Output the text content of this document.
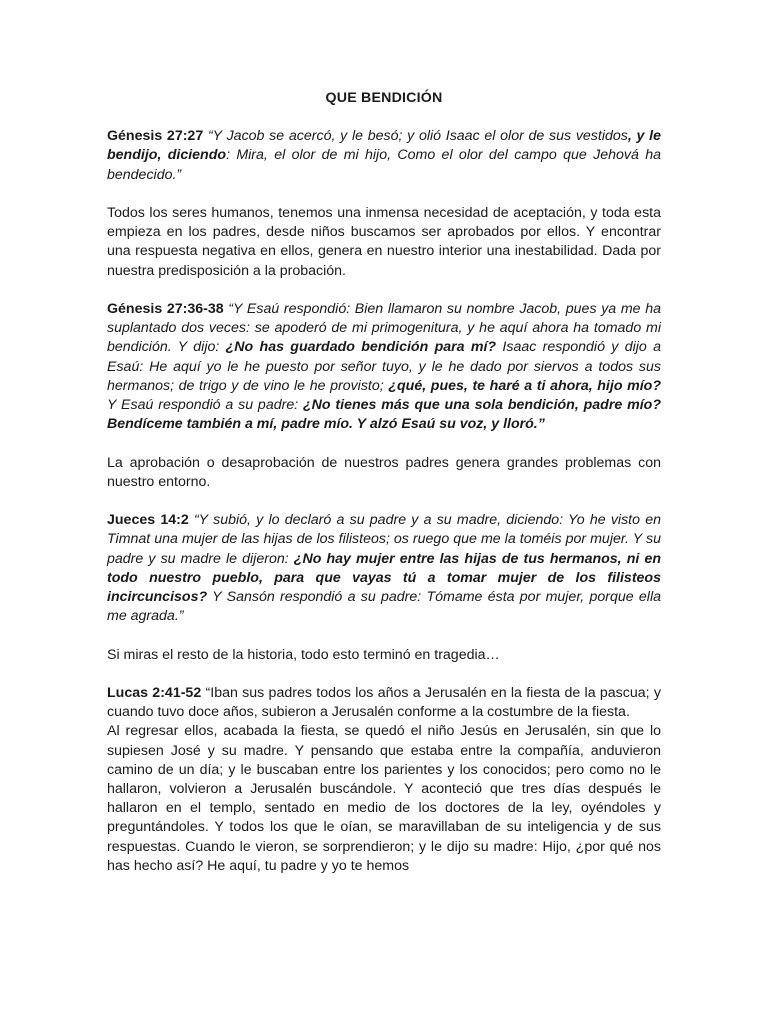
QUE BENDICIÓN

Génesis 27:27 “Y Jacob se acercó, y le besó; y olió Isaac el olor de sus vestidos, y le bendijo, diciendo: Mira, el olor de mi hijo, Como el olor del campo que Jehová ha bendecido.”

Todos los seres humanos, tenemos una inmensa necesidad de aceptación, y toda esta empieza en los padres, desde niños buscamos ser aprobados por ellos. Y encontrar una respuesta negativa en ellos, genera en nuestro interior una inestabilidad. Dada por nuestra predisposición a la probación.

Génesis 27:36-38 “Y Esaú respondió: Bien llamaron su nombre Jacob, pues ya me ha suplantado dos veces: se apoderó de mi primogenitura, y he aquí ahora ha tomado mi bendición. Y dijo: ¿No has guardado bendición para mí? Isaac respondió y dijo a Esaú: He aquí yo le he puesto por señor tuyo, y le he dado por siervos a todos sus hermanos; de trigo y de vino le he provisto; ¿qué, pues, te haré a ti ahora, hijo mío? Y Esaú respondió a su padre: ¿No tienes más que una sola bendición, padre mío? Bendíceme también a mí, padre mío. Y alzó Esaú su voz, y lloró.”

La aprobación o desaprobación de nuestros padres genera grandes problemas con nuestro entorno.

Jueces 14:2 “Y subió, y lo declaró a su padre y a su madre, diciendo: Yo he visto en Timnat una mujer de las hijas de los filisteos; os ruego que me la toméis por mujer. Y su padre y su madre le dijeron: ¿No hay mujer entre las hijas de tus hermanos, ni en todo nuestro pueblo, para que vayas tú a tomar mujer de los filisteos incircuncisos? Y Sansón respondió a su padre: Tómame ésta por mujer, porque ella me agrada.”

Si miras el resto de la historia, todo esto terminó en tragedia…

Lucas 2:41-52 “Iban sus padres todos los años a Jerusalén en la fiesta de la pascua; y cuando tuvo doce años, subieron a Jerusalén conforme a la costumbre de la fiesta.

Al regresar ellos, acabada la fiesta, se quedó el niño Jesús en Jerusalén, sin que lo supiesen José y su madre. Y pensando que estaba entre la compañía, anduvieron camino de un día; y le buscaban entre los parientes y los conocidos; pero como no le hallaron, volvieron a Jerusalén buscándole. Y aconteció que tres días después le hallaron en el templo, sentado en medio de los doctores de la ley, oyéndoles y preguntándoles. Y todos los que le oían, se maravillaban de su inteligencia y de sus respuestas. Cuando le vieron, se sorprendieron; y le dijo su madre: Hijo, ¿por qué nos has hecho así? He aquí, tu padre y yo te hemos
